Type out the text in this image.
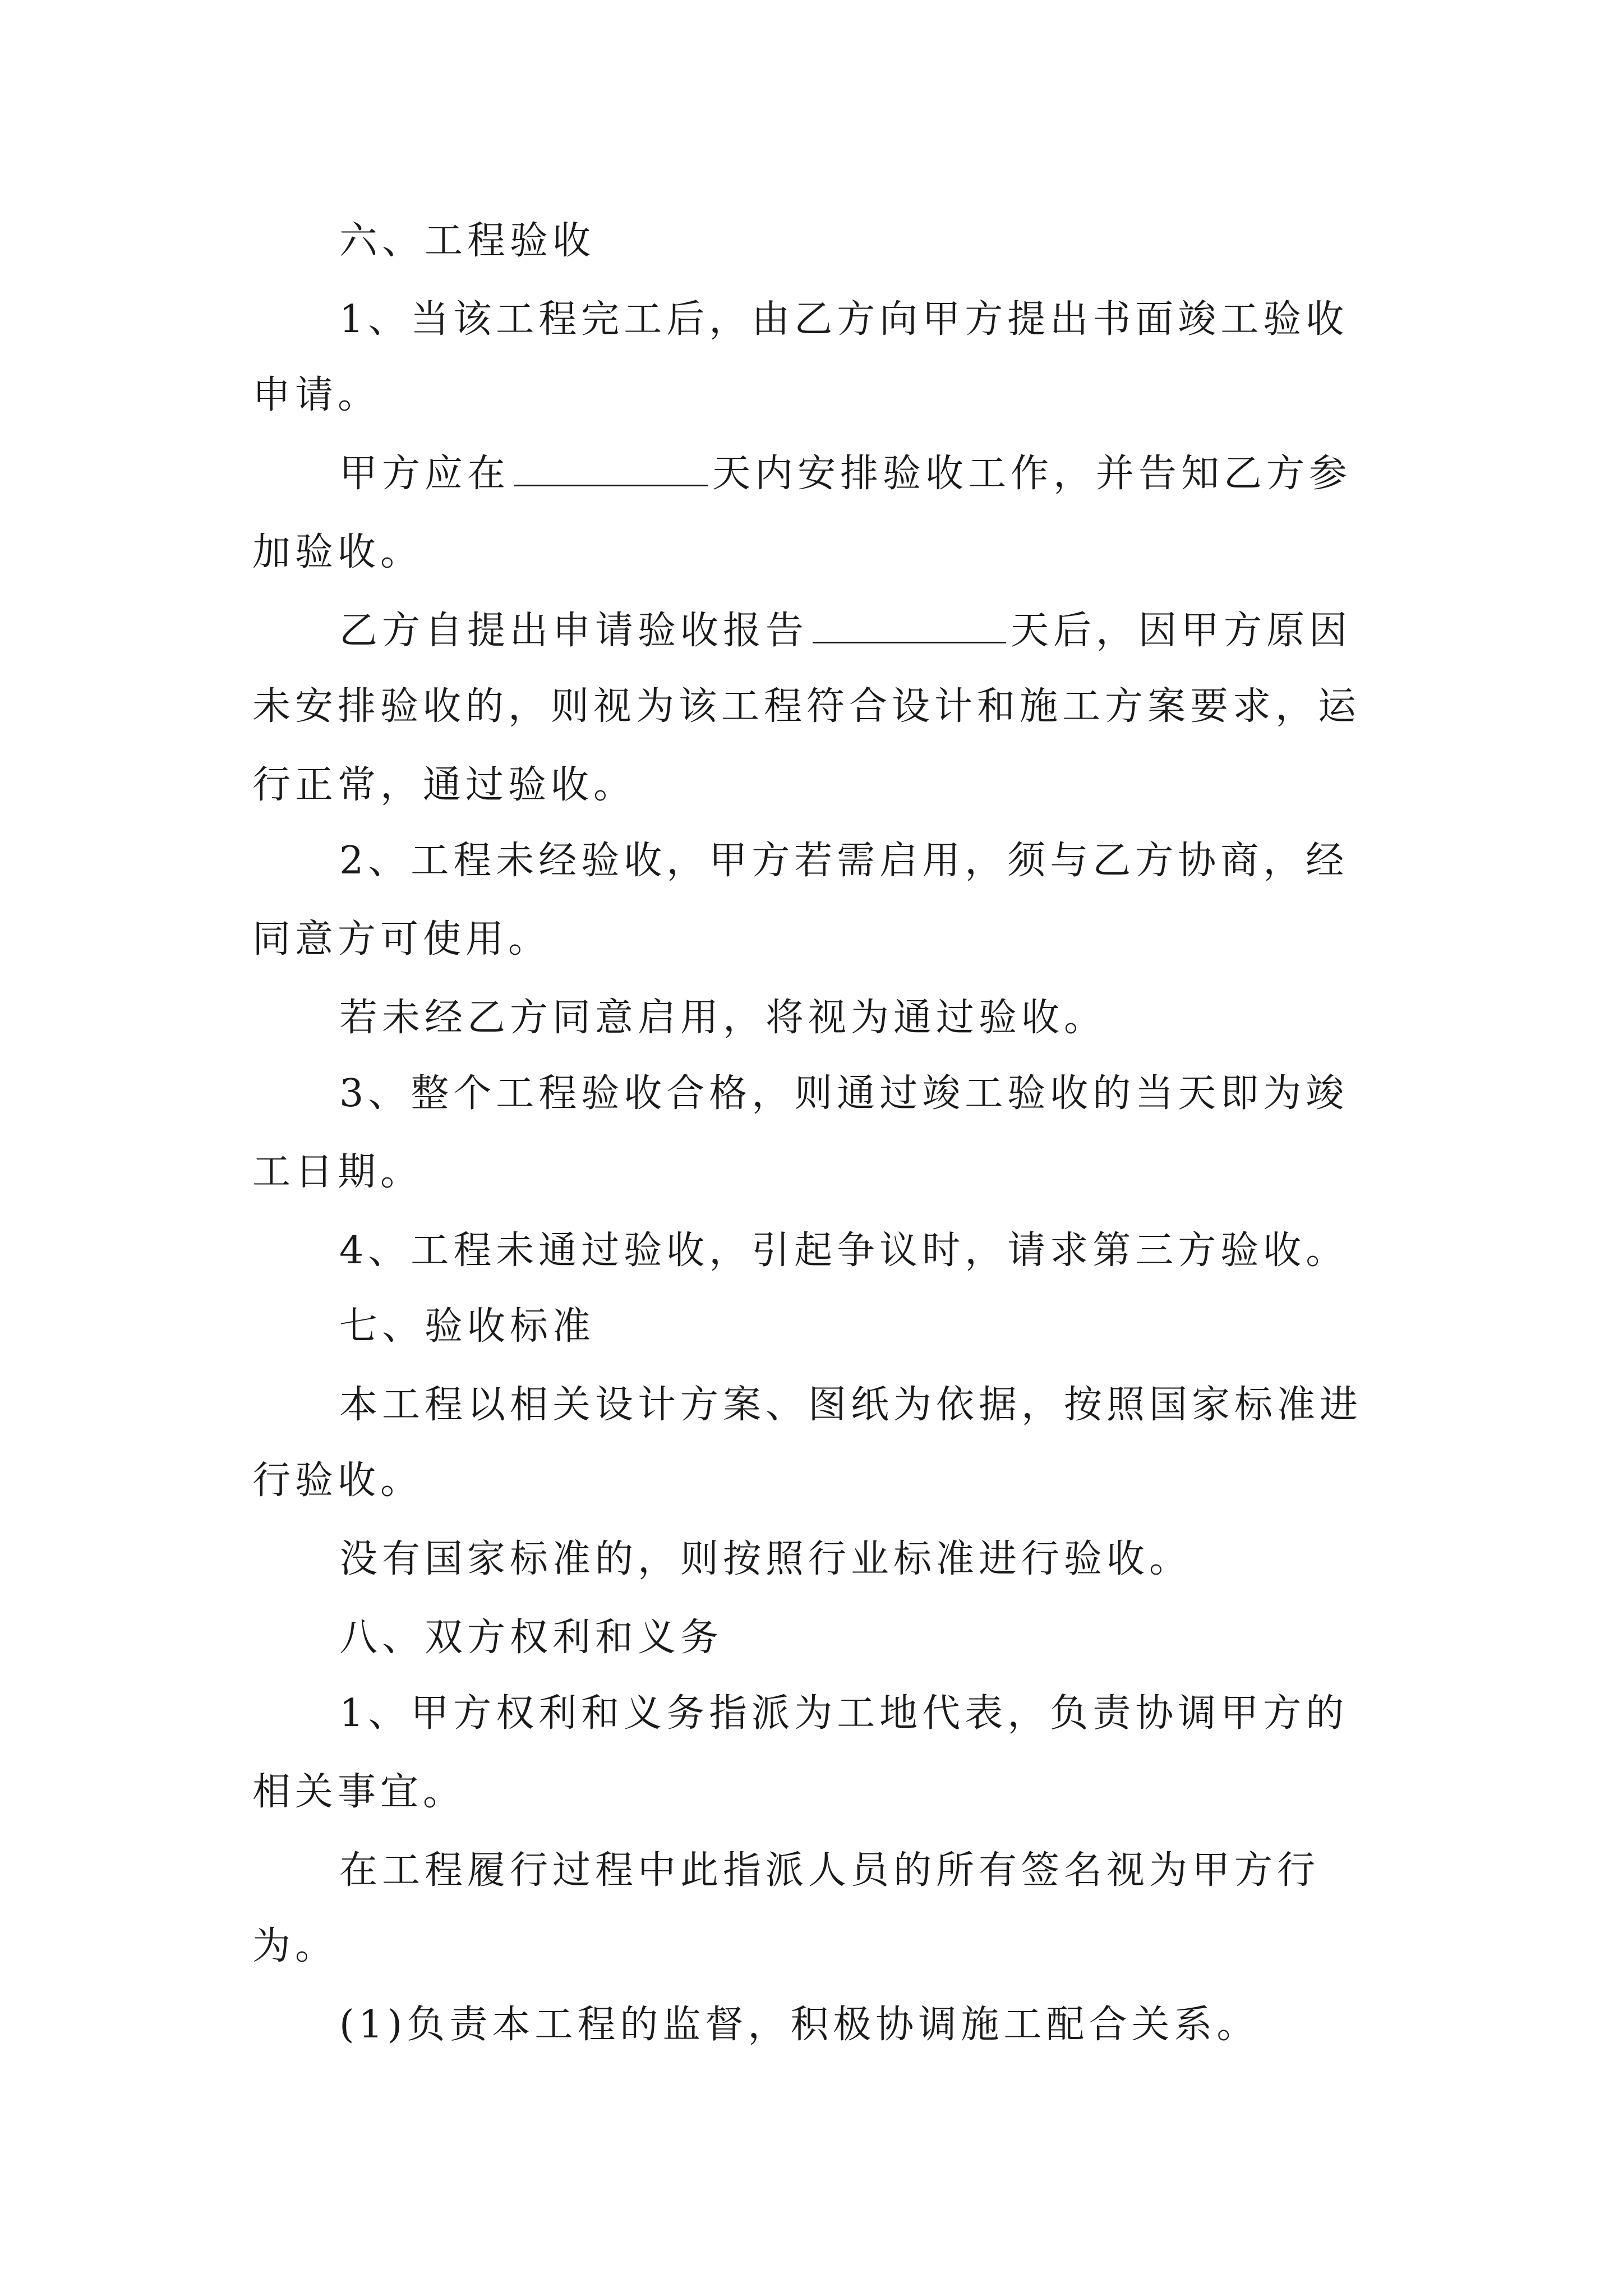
六、工程验收
1、当该工程完工后，由乙方向甲方提出书面竣工验收
申请。
甲方应在	天内安排验收工作，并告知乙方参
加验收。
乙方自提出申请验收报告	天后，因甲方原因
未安排验收的，则视为该工程符合设计和施工方案要求，运
行正常，通过验收。
2、工程未经验收，甲方若需启用，须与乙方协商，经
同意方可使用。
若未经乙方同意启用，将视为通过验收。
3、整个工程验收合格，则通过竣工验收的当天即为竣
工日期。
4、工程未通过验收，引起争议时，请求第三方验收。
七、验收标准
本工程以相关设计方案、图纸为依据，按照国家标准进
行验收。
没有国家标准的，则按照行业标准进行验收。
八、双方权利和义务
1、甲方权利和义务指派为工地代表，负责协调甲方的
相关事宜。
在工程履行过程中此指派人员的所有签名视为甲方行
为。
(1)负责本工程的监督，积极协调施工配合关系。
